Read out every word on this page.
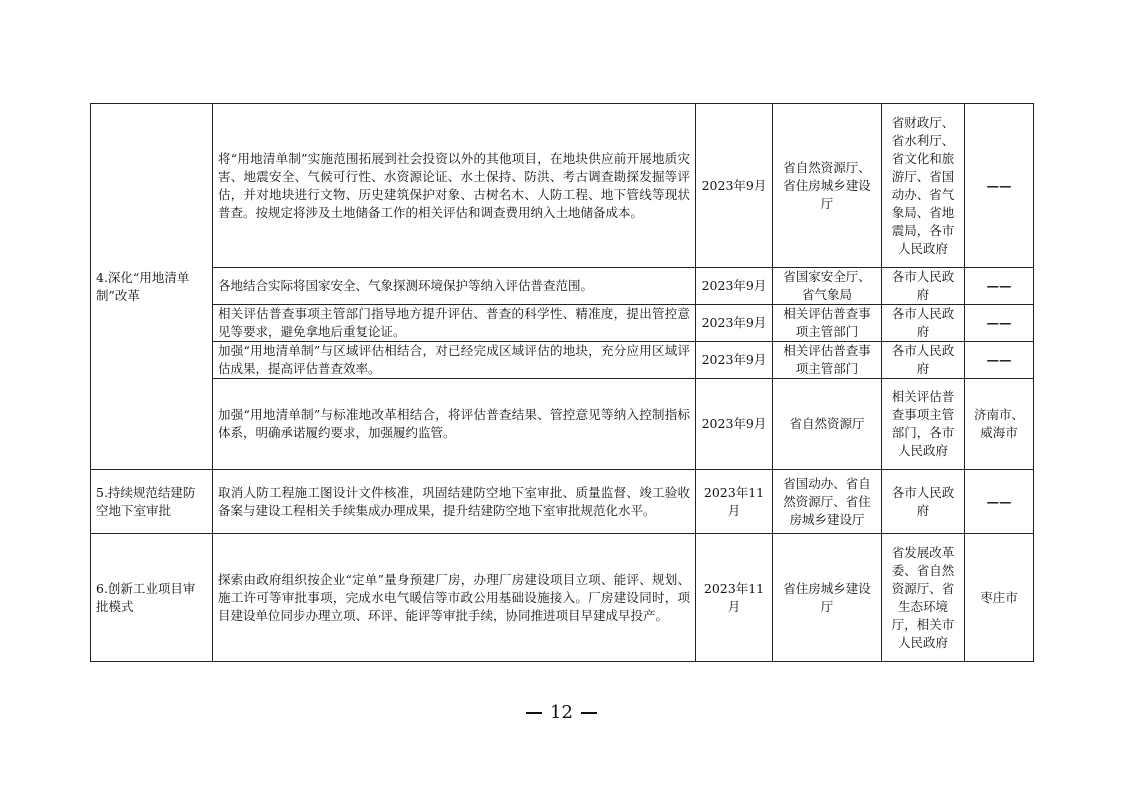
4.深化“用地清单制”改革	将“用地清单制”实施范围拓展到社会投资以外的其他项目，在地块供应前开展地质灾害、地震安全、气候可行性、水资源论证、水土保持、防洪、考古调查勘探发掘等评估，并对地块进行文物、历史建筑保护对象、古树名木、人防工程、地下管线等现状普查。按规定将涉及土地储备工作的相关评估和调查费用纳入土地储备成本。	2023年9月	省自然资源厅、省住房城乡建设厅	省财政厅、省水利厅、省文化和旅游厅、省国动办、省气象局、省地震局，各市人民政府	——
	各地结合实际将国家安全、气象探测环境保护等纳入评估普查范围。	2023年9月	省国家安全厅、省气象局	各市人民政府	——
	相关评估普查事项主管部门指导地方提升评估、普查的科学性、精准度，提出管控意见等要求，避免拿地后重复论证。	2023年9月	相关评估普查事项主管部门	各市人民政府	——
	加强“用地清单制”与区域评估相结合，对已经完成区域评估的地块，充分应用区域评估成果，提高评估普查效率。	2023年9月	相关评估普查事项主管部门	各市人民政府	——
	加强“用地清单制”与标准地改革相结合，将评估普查结果、管控意见等纳入控制指标体系，明确承诺履约要求，加强履约监管。	2023年9月	省自然资源厅	相关评估普查事项主管部门，各市人民政府	济南市、威海市
5.持续规范结建防空地下室审批	取消人防工程施工图设计文件核准，巩固结建防空地下室审批、质量监督、竣工验收备案与建设工程相关手续集成办理成果，提升结建防空地下室审批规范化水平。	2023年11月	省国动办、省自然资源厅、省住房城乡建设厅	各市人民政府	——
6.创新工业项目审批模式	探索由政府组织按企业“定单”量身预建厂房，办理厂房建设项目立项、能评、规划、施工许可等审批事项，完成水电气暖信等市政公用基础设施接入。厂房建设同时，项目建设单位同步办理立项、环评、能评等审批手续，协同推进项目早建成早投产。	2023年11月	省住房城乡建设厅	省发展改革委、省自然资源厅、省生态环境厅，相关市人民政府	枣庄市
12
